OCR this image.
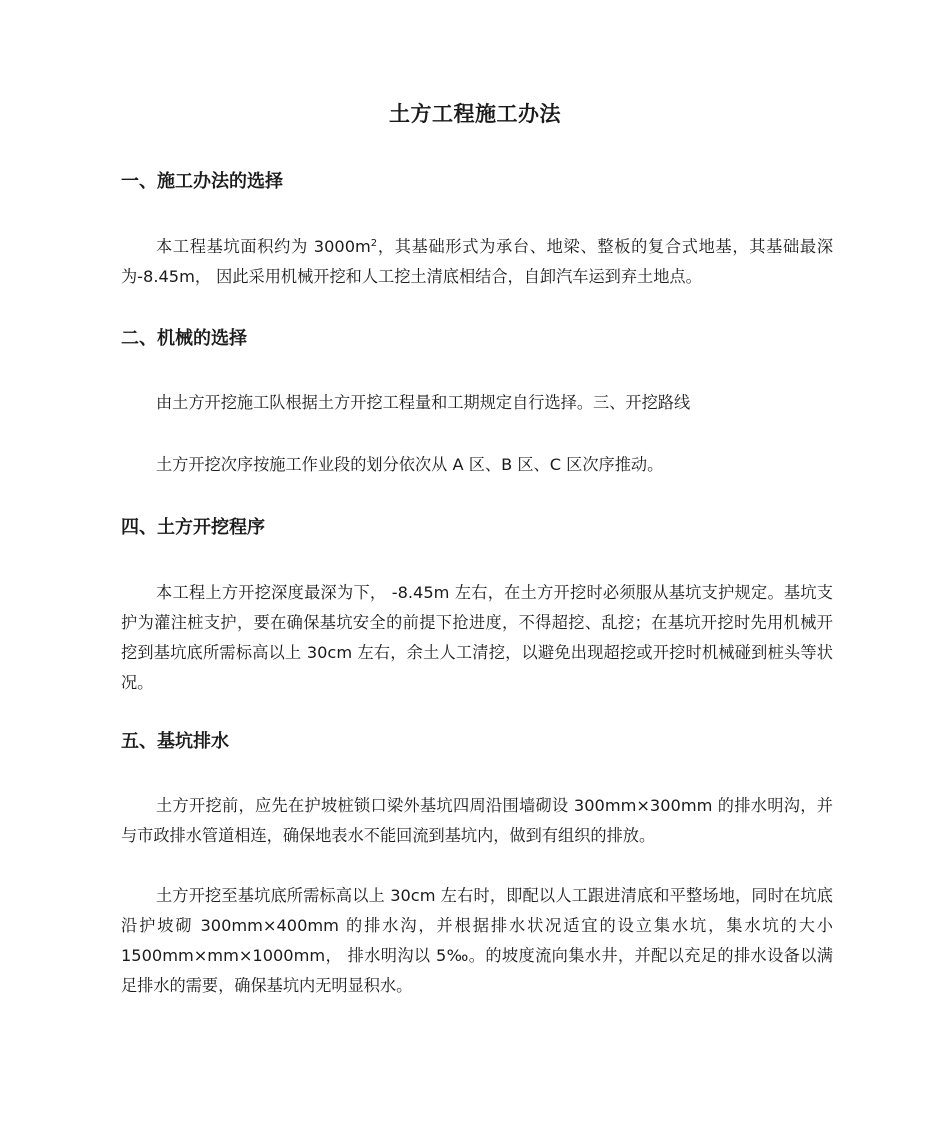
土方工程施工办法
一、施工办法的选择

本工程基坑面积约为 $3000m^2$，其基础形式为承台、地梁、整板的复合式地基，其基础最深为-8.45m， 因此采用机械开挖和人工挖土清底相结合，自卸汽车运到弃土地点。

二、机械的选择

由土方开挖施工队根据土方开挖工程量和工期规定自行选择。三、开挖路线

土方开挖次序按施工作业段的划分依次从 A 区、B 区、C 区次序推动。

四、土方开挖程序

本工程上方开挖深度最深为下， -8.45m 左右，在土方开挖时必须服从基坑支护规定。基坑支护为灌注桩支护，要在确保基坑安全的前提下抢进度，不得超挖、乱挖；在基坑开挖时先用机械开挖到基坑底所需标高以上 30cm 左右，余土人工清挖，以避免出现超挖或开挖时机械碰到桩头等状况。

五、基坑排水

土方开挖前，应先在护坡桩锁口梁外基坑四周沿围墙砌设 300mm×300mm 的排水明沟，并与市政排水管道相连，确保地表水不能回流到基坑内，做到有组织的排放。

土方开挖至基坑底所需标高以上 30cm 左右时，即配以人工跟进清底和平整场地，同时在坑底沿护坡砌 300mm×400mm 的排水沟，并根据排水状况适宜的设立集水坑，集水坑的大小 1500mm×mm×1000mm， 排水明沟以 5‰。的坡度流向集水井，并配以充足的排水设备以满足排水的需要，确保基坑内无明显积水。
